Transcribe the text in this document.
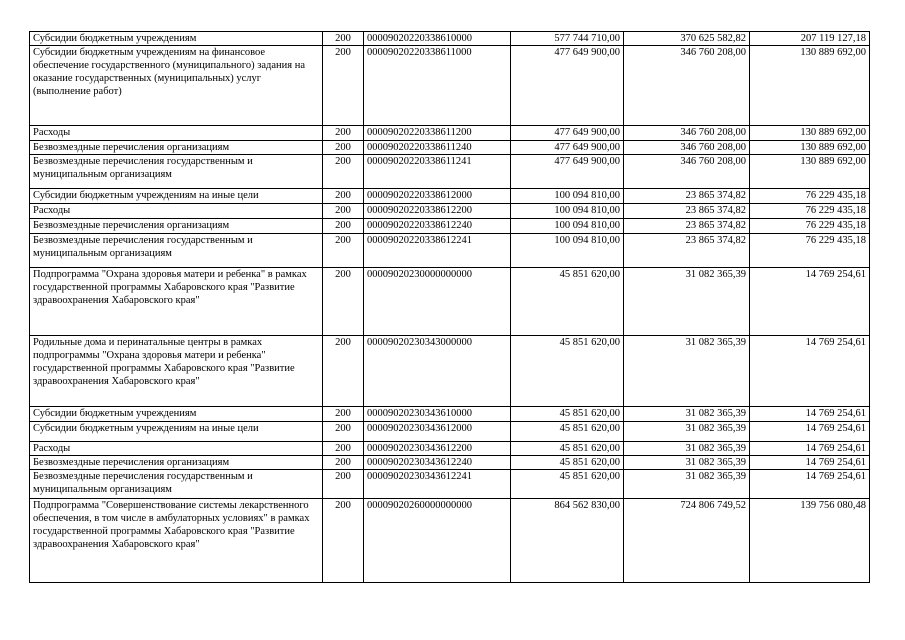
Субсидии бюджетным учреждениям	200	00009020220338610000	577 744 710,00	370 625 582,82	207 119 127,18
Субсидии бюджетным учреждениям на финансовое обеспечение государственного (муниципального) задания на оказание государственных (муниципальных) услуг (выполнение работ)	200	00009020220338611000	477 649 900,00	346 760 208,00	130 889 692,00
Расходы	200	00009020220338611200	477 649 900,00	346 760 208,00	130 889 692,00
Безвозмездные перечисления организациям	200	00009020220338611240	477 649 900,00	346 760 208,00	130 889 692,00
Безвозмездные перечисления государственным и муниципальным организациям	200	00009020220338611241	477 649 900,00	346 760 208,00	130 889 692,00
Субсидии бюджетным учреждениям на иные цели	200	00009020220338612000	100 094 810,00	23 865 374,82	76 229 435,18
Расходы	200	00009020220338612200	100 094 810,00	23 865 374,82	76 229 435,18
Безвозмездные перечисления организациям	200	00009020220338612240	100 094 810,00	23 865 374,82	76 229 435,18
Безвозмездные перечисления государственным и муниципальным организациям	200	00009020220338612241	100 094 810,00	23 865 374,82	76 229 435,18
Подпрограмма "Охрана здоровья матери и ребенка" в рамках государственной программы Хабаровского края "Развитие здравоохранения Хабаровского края"	200	00009020230000000000	45 851 620,00	31 082 365,39	14 769 254,61
Родильные дома и перинатальные центры в рамках подпрограммы "Охрана здоровья матери и ребенка" государственной программы Хабаровского края "Развитие здравоохранения Хабаровского края"	200	00009020230343000000	45 851 620,00	31 082 365,39	14 769 254,61
Субсидии бюджетным учреждениям	200	00009020230343610000	45 851 620,00	31 082 365,39	14 769 254,61
Субсидии бюджетным учреждениям на иные цели	200	00009020230343612000	45 851 620,00	31 082 365,39	14 769 254,61
Расходы	200	00009020230343612200	45 851 620,00	31 082 365,39	14 769 254,61
Безвозмездные перечисления организациям	200	00009020230343612240	45 851 620,00	31 082 365,39	14 769 254,61
Безвозмездные перечисления государственным и муниципальным организациям	200	00009020230343612241	45 851 620,00	31 082 365,39	14 769 254,61
Подпрограмма "Совершенствование системы лекарственного обеспечения, в том числе в амбулаторных условиях" в рамках государственной программы Хабаровского края "Развитие здравоохранения Хабаровского края"	200	00009020260000000000	864 562 830,00	724 806 749,52	139 756 080,48
